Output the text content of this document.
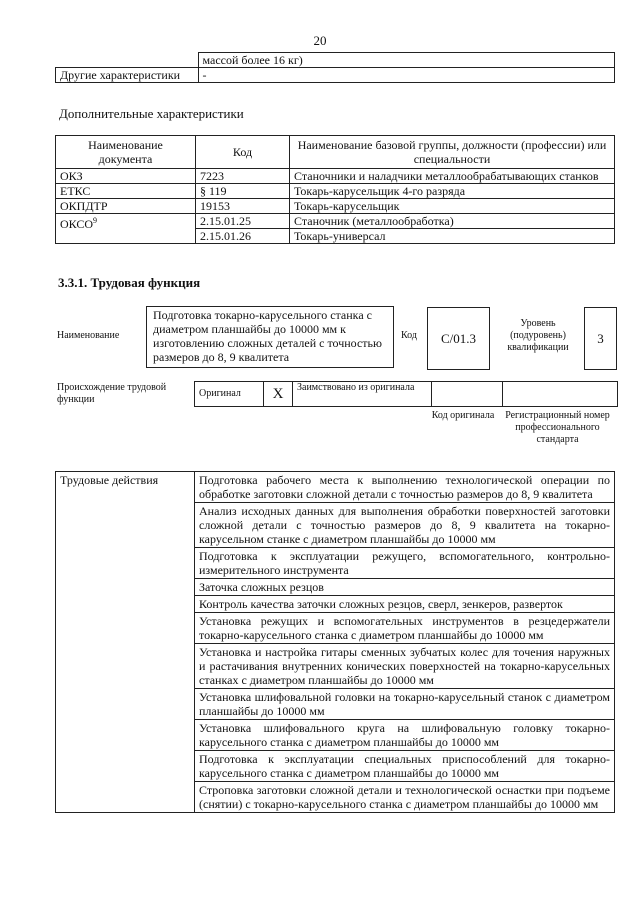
20
	массой более 16 кг)
Другие характеристики	-
Дополнительные характеристики
Наименование документа	Код	Наименование базовой группы, должности (профессии) или специальности
ОКЗ	7223	Станочники и наладчики металлообрабатывающих станков
ЕТКС	§ 119	Токарь-карусельщик 4-го разряда
ОКПДТР	19153	Токарь-карусельщик
ОКСО$^9$	2.15.01.25	Станочник (металлообработка)
	2.15.01.26	Токарь-универсал
3.3.1. Трудовая функция
Наименование
Подготовка токарно-карусельного станка с диаметром планшайбы до 10000 мм к изготовлению сложных деталей с точностью размеров до 8, 9 квалитета
Код	C/01.3
Уровень (подуровень) квалификации
3
Происхождение трудовой функции
Оригинал	X	Заимствовано из оригинала		
Код оригинала	Регистрационный номер профессионального стандарта
Трудовые действия	Подготовка рабочего места к выполнению технологической операции по обработке заготовки сложной детали с точностью размеров до 8, 9 квалитета
Анализ исходных данных для выполнения обработки поверхностей заготовки сложной детали с точностью размеров до 8, 9 квалитета на токарно-карусельном станке с диаметром планшайбы до 10000 мм
Подготовка к эксплуатации режущего, вспомогательного, контрольно-измерительного инструмента
Заточка сложных резцов
Контроль качества заточки сложных резцов, сверл, зенкеров, разверток
Установка режущих и вспомогательных инструментов в резцедержатели токарно-карусельного станка с диаметром планшайбы до 10000 мм
Установка и настройка гитары сменных зубчатых колес для точения наружных и растачивания внутренних конических поверхностей на токарно-карусельных станках с диаметром планшайбы до 10000 мм
Установка шлифовальной головки на токарно-карусельный станок с диаметром планшайбы до 10000 мм
Установка шлифовального круга на шлифовальную головку токарно-карусельного станка с диаметром планшайбы до 10000 мм
Подготовка к эксплуатации специальных приспособлений для токарно-карусельного станка с диаметром планшайбы до 10000 мм
Строповка заготовки сложной детали и технологической оснастки при подъеме (снятии) с токарно-карусельного станка с диаметром планшайбы до 10000 мм
